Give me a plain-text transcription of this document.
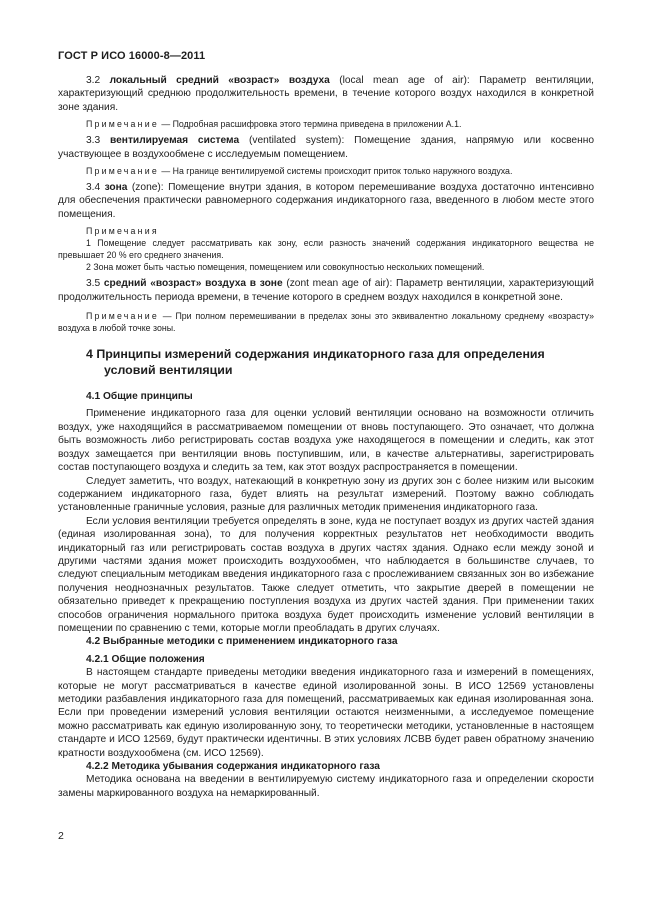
ГОСТ Р ИСО 16000-8—2011

3.2 локальный средний «возраст» воздуха (local mean age of air): Параметр вентиляции, характеризующий среднюю продолжительность времени, в течение которого воздух находился в конкретной зоне здания.

Примечание — Подробная расшифровка этого термина приведена в приложении А.1.

3.3 вентилируемая система (ventilated system): Помещение здания, напрямую или косвенно участвующее в воздухообмене с исследуемым помещением.

Примечание — На границе вентилируемой системы происходит приток только наружного воздуха.

3.4 зона (zone): Помещение внутри здания, в котором перемешивание воздуха достаточно интенсивно для обеспечения практически равномерного содержания индикаторного газа, введенного в любом месте этого помещения.

Примечания

1 Помещение следует рассматривать как зону, если разность значений содержания индикаторного вещества не превышает 20 % его среднего значения.

2 Зона может быть частью помещения, помещением или совокупностью нескольких помещений.

3.5 средний «возраст» воздуха в зоне (zont mean age of air): Параметр вентиляции, характеризующий продолжительность периода времени, в течение которого в среднем воздух находился в конкретной зоне.

Примечание — При полном перемешивании в пределах зоны это эквивалентно локальному среднему «возрасту» воздуха в любой точке зоны.

4 Принципы измерений содержания индикаторного газа для определения
условий вентиляции

4.1 Общие принципы

Применение индикаторного газа для оценки условий вентиляции основано на возможности отличить воздух, уже находящийся в рассматриваемом помещении от вновь поступающего. Это означает, что должна быть возможность либо регистрировать состав воздуха уже находящегося в помещении и следить, как этот воздух замещается при вентиляции вновь поступившим, или, в качестве альтернативы, зарегистрировать состав поступающего воздуха и следить за тем, как этот воздух распространяется в помещении.

Следует заметить, что воздух, натекающий в конкретную зону из других зон с более низким или высоким содержанием индикаторного газа, будет влиять на результат измерений. Поэтому важно соблюдать установленные граничные условия, разные для различных методик применения индикаторного газа.

Если условия вентиляции требуется определять в зоне, куда не поступает воздух из других частей здания (единая изолированная зона), то для получения корректных результатов нет необходимости вводить индикаторный газ или регистрировать состав воздуха в других частях здания. Однако если между зоной и другими частями здания может происходить воздухообмен, что наблюдается в большинстве случаев, то следуют специальным методикам введения индикаторного газа с прослеживанием связанных зон во избежание получения неоднозначных результатов. Также следует отметить, что закрытие дверей в помещении не обязательно приведет к прекращению поступления воздуха из других частей здания. При применении таких способов ограничения нормального притока воздуха будет происходить изменение условий вентиляции в помещении по сравнению с теми, которые могли преобладать в других случаях.

4.2 Выбранные методики с применением индикаторного газа

4.2.1 Общие положения

В настоящем стандарте приведены методики введения индикаторного газа и измерений в помещениях, которые не могут рассматриваться в качестве единой изолированной зоны. В ИСО 12569 установлены методики разбавления индикаторного газа для помещений, рассматриваемых как единая изолированная зона. Если при проведении измерений условия вентиляции остаются неизменными, а исследуемое помещение можно рассматривать как единую изолированную зону, то теоретически методики, установленные в настоящем стандарте и ИСО 12569, будут практически идентичны. В этих условиях ЛСВВ будет равен обратному значению кратности воздухообмена (см. ИСО 12569).

4.2.2 Методика убывания содержания индикаторного газа

Методика основана на введении в вентилируемую систему индикаторного газа и определении скорости замены маркированного воздуха на немаркированный.

2
